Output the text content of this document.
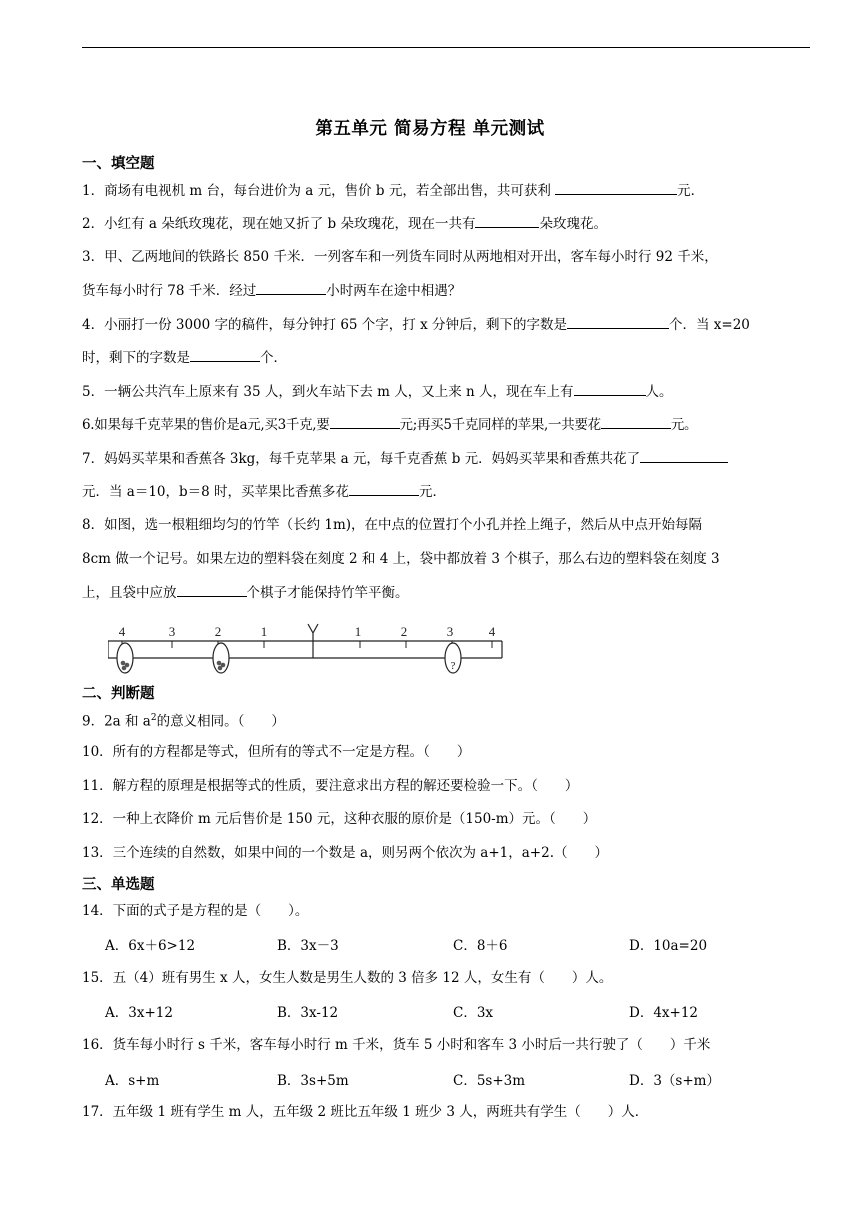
第五单元 简易方程 单元测试
一、填空题
1．商场有电视机 m 台，每台进价为 a 元，售价 b 元，若全部出售，共可获利	元．
2．小红有 a 朵纸玫瑰花，现在她又折了 b 朵玫瑰花，现在一共有	朵玫瑰花。
3．甲、乙两地间的铁路长 850 千米．一列客车和一列货车同时从两地相对开出，客车每小时行 92 千米，
货车每小时行 78 千米．经过	小时两车在途中相遇？
4．小丽打一份 3000 字的稿件，每分钟打 65 个字，打 x 分钟后，剩下的字数是	个．当 x=20
时，剩下的字数是	个．
5．一辆公共汽车上原来有 35 人，到火车站下去 m 人，又上来 n 人，现在车上有	人。
6.如果每千克苹果的售价是a元,买3千克,要	元;再买5千克同样的苹果,一共要花	元。
7．妈妈买苹果和香蕉各 3kg，每千克苹果 a 元，每千克香蕉 b 元．妈妈买苹果和香蕉共花了
元．当 a＝10，b＝8 时，买苹果比香蕉多花	元．
8．如图，选一根粗细均匀的竹竿（长约 1m)，在中点的位置打个小孔并拴上绳子，然后从中点开始每隔
8cm 做一个记号。如果左边的塑料袋在刻度 2 和 4 上，袋中都放着 3 个棋子，那么右边的塑料袋在刻度 3
上，且袋中应放	个棋子才能保持竹竿平衡。
4	3	2	1	1	2	3	4
?
二、判断题
9．2a 和 $a^2$的意义相同。（　　）
10．所有的方程都是等式，但所有的等式不一定是方程。（　　）
11．解方程的原理是根据等式的性质，要注意求出方程的解还要检验一下。（　　）
12．一种上衣降价 m 元后售价是 150 元，这种衣服的原价是（150-m）元。（　　）
13．三个连续的自然数，如果中间的一个数是 a，则另两个依次为 a+1，a+2.（　　）
三、单选题
14．下面的式子是方程的是（　　）。
A．6x＋6>12	B．3x－3	C．8＋6	D．10a=20
15．五（4）班有男生 x 人，女生人数是男生人数的 3 倍多 12 人，女生有（　　）人。
A．3x+12	B．3x-12	C．3x	D．4x+12
16．货车每小时行 s 千米，客车每小时行 m 千米，货车 5 小时和客车 3 小时后一共行驶了（　　）千米
A．s+m	B．3s+5m	C．5s+3m	D．3（s+m）
17．五年级 1 班有学生 m 人，五年级 2 班比五年级 1 班少 3 人，两班共有学生（　　）人．
